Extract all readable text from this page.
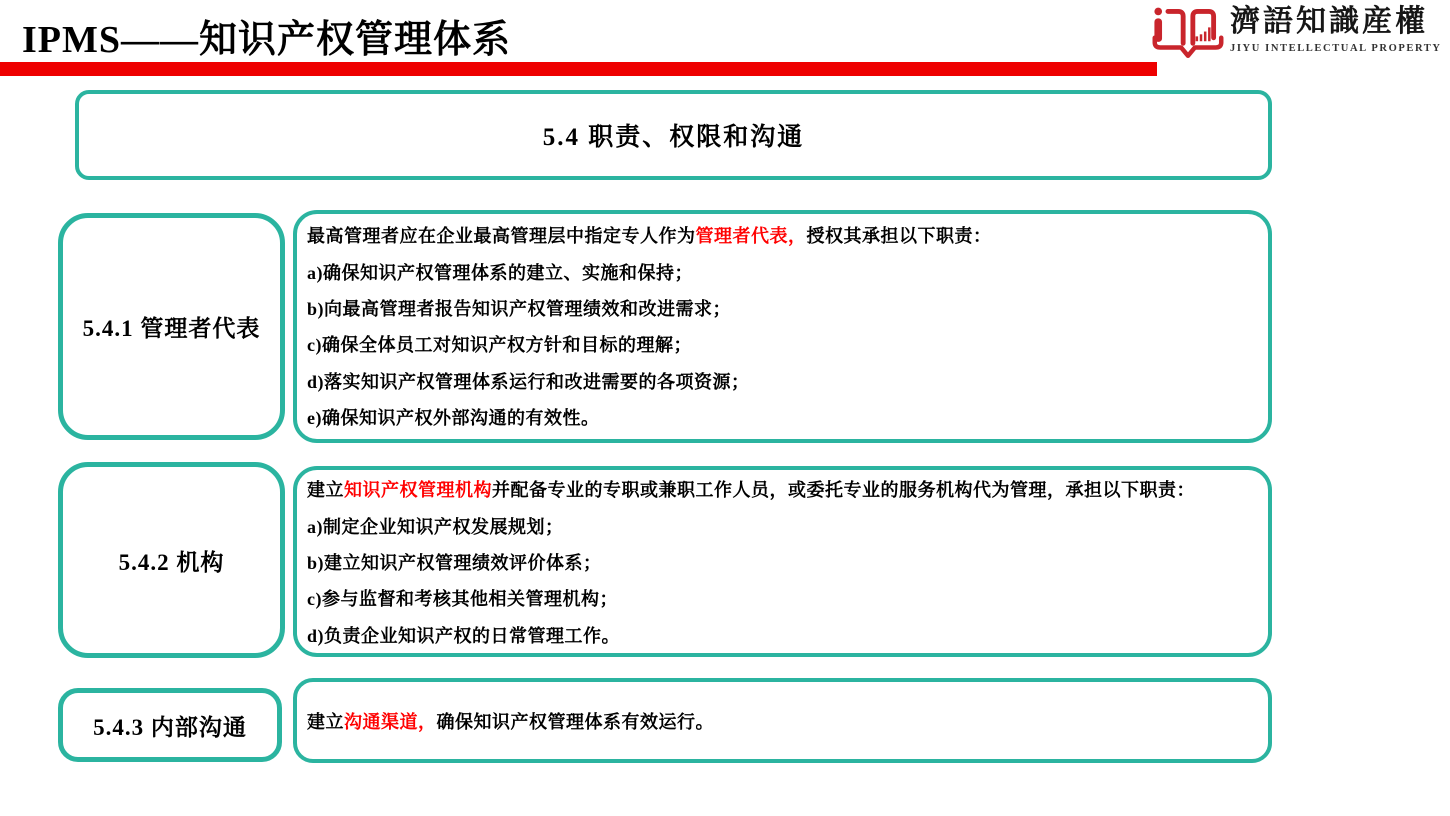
IPMS——知识产权管理体系	濟語知識産權
JIYU INTELLECTUAL PROPERTY
5.4 职责、权限和沟通
5.4.1 管理者代表
最高管理者应在企业最高管理层中指定专人作为 管理者代表， 授权其承担以下职责：
a)确保知识产权管理体系的建立、实施和保持；
b)向最高管理者报告知识产权管理绩效和改进需求；
c)确保全体员工对知识产权方针和目标的理解；
d)落实知识产权管理体系运行和改进需要的各项资源；
e)确保知识产权外部沟通的有效性。
5.4.2 机构
建立 知识产权管理机构 并配备专业的专职或兼职工作人员，或委托专业的服务机构代为管理，承担以下职责：
a)制定企业知识产权发展规划；
b)建立知识产权管理绩效评价体系；
c)参与监督和考核其他相关管理机构；
d)负责企业知识产权的日常管理工作。
5.4.3 内部沟通	建立 沟通渠道， 确保知识产权管理体系有效运行。
